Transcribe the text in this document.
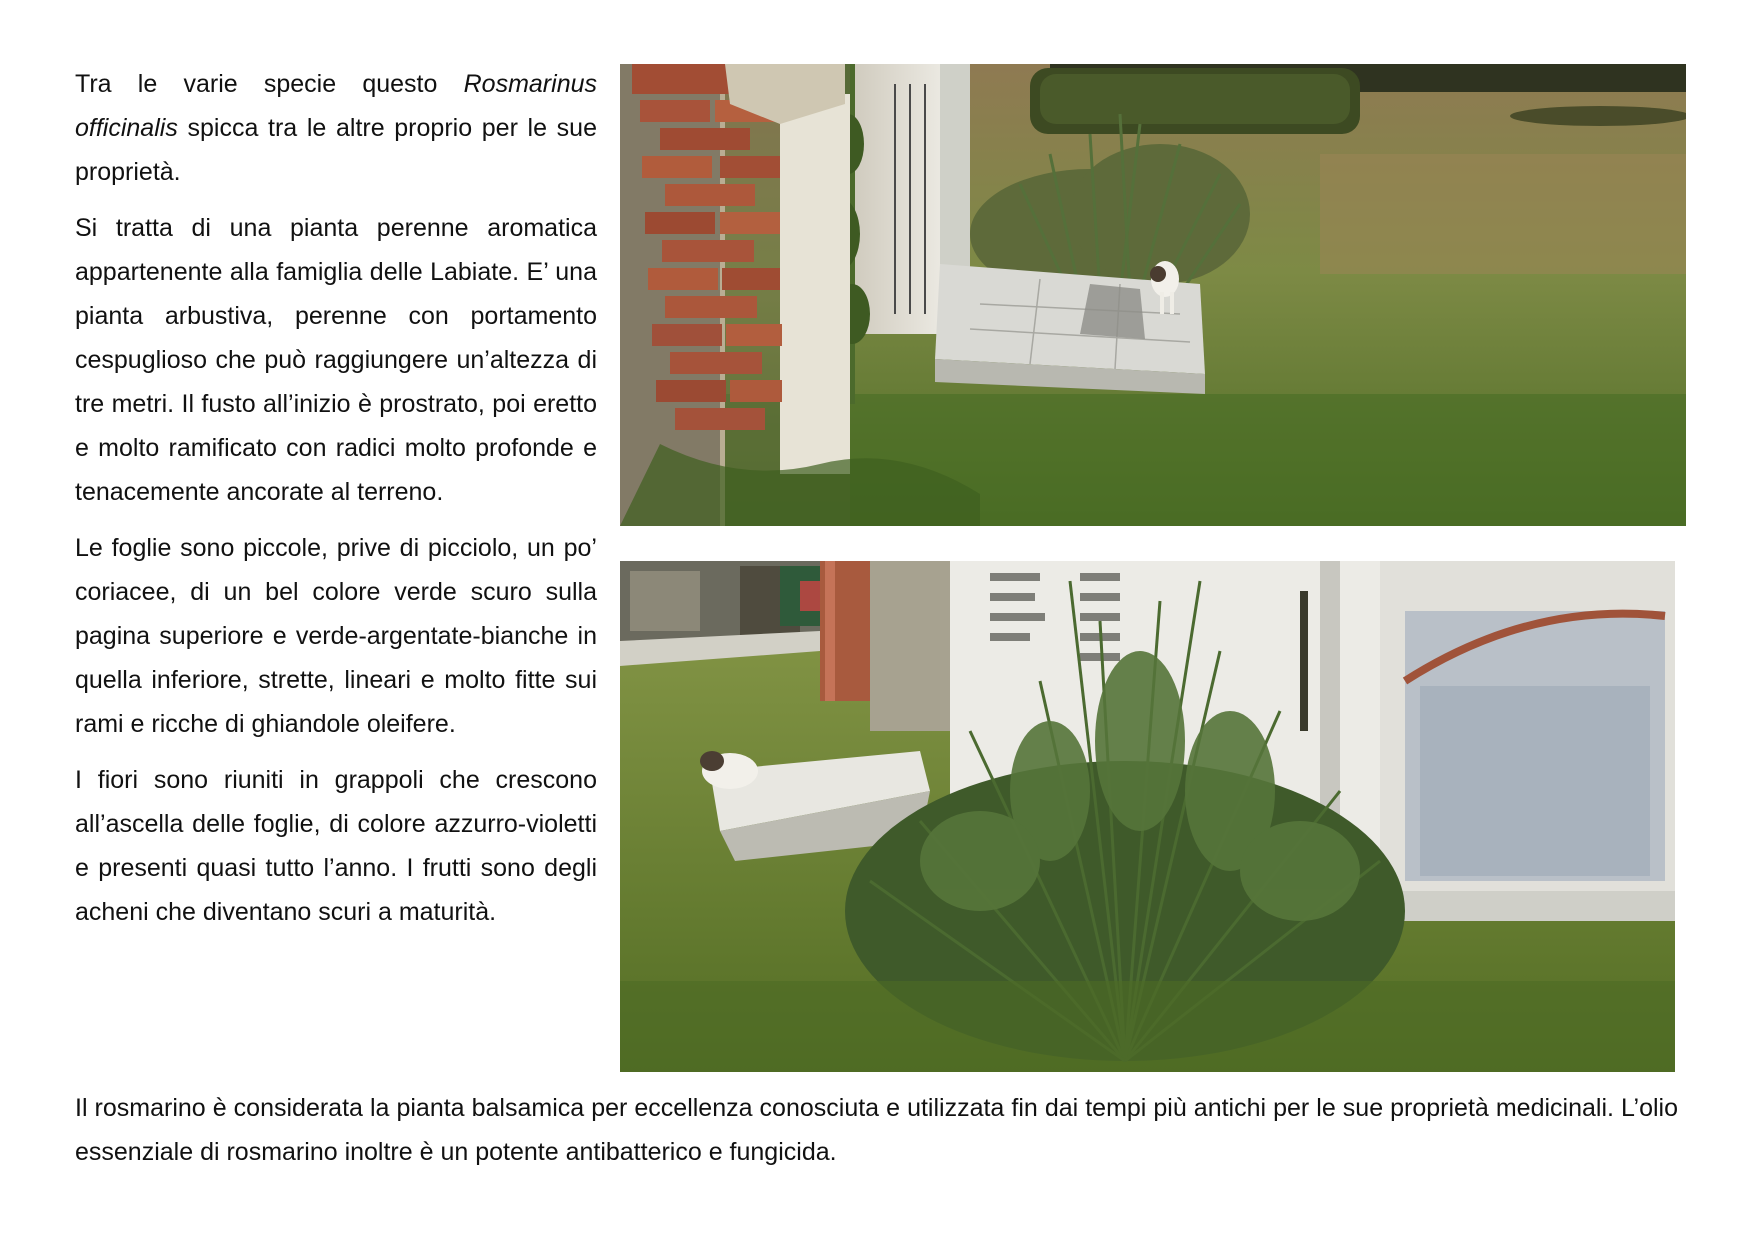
Tra le varie specie questo Rosmarinus officinalis spicca tra le altre proprio per le sue proprietà.

Si tratta di una pianta perenne aromatica appartenente alla famiglia delle Labiate. E’ una pianta arbustiva, perenne con portamento cespuglioso che può raggiungere un’altezza di tre metri. Il fusto all’inizio è prostrato, poi eretto e molto ramificato con radici molto profonde e tenacemente ancorate al terreno.

Le foglie sono piccole, prive di picciolo, un po’ coriacee, di un bel colore verde scuro sulla pagina superiore e verde-argentate-bianche in quella inferiore, strette, lineari e molto fitte sui rami e ricche di ghiandole oleifere.

I fiori sono riuniti in grappoli che crescono all’ascella delle foglie, di colore azzurro-violetti e presenti quasi tutto l’anno. I frutti sono degli acheni che diventano scuri a maturità.

Il rosmarino è considerata la pianta balsamica per eccellenza conosciuta e utilizzata fin dai tempi più antichi per le sue proprietà medicinali. L’olio essenziale di rosmarino inoltre è un potente antibatterico e fungicida.
